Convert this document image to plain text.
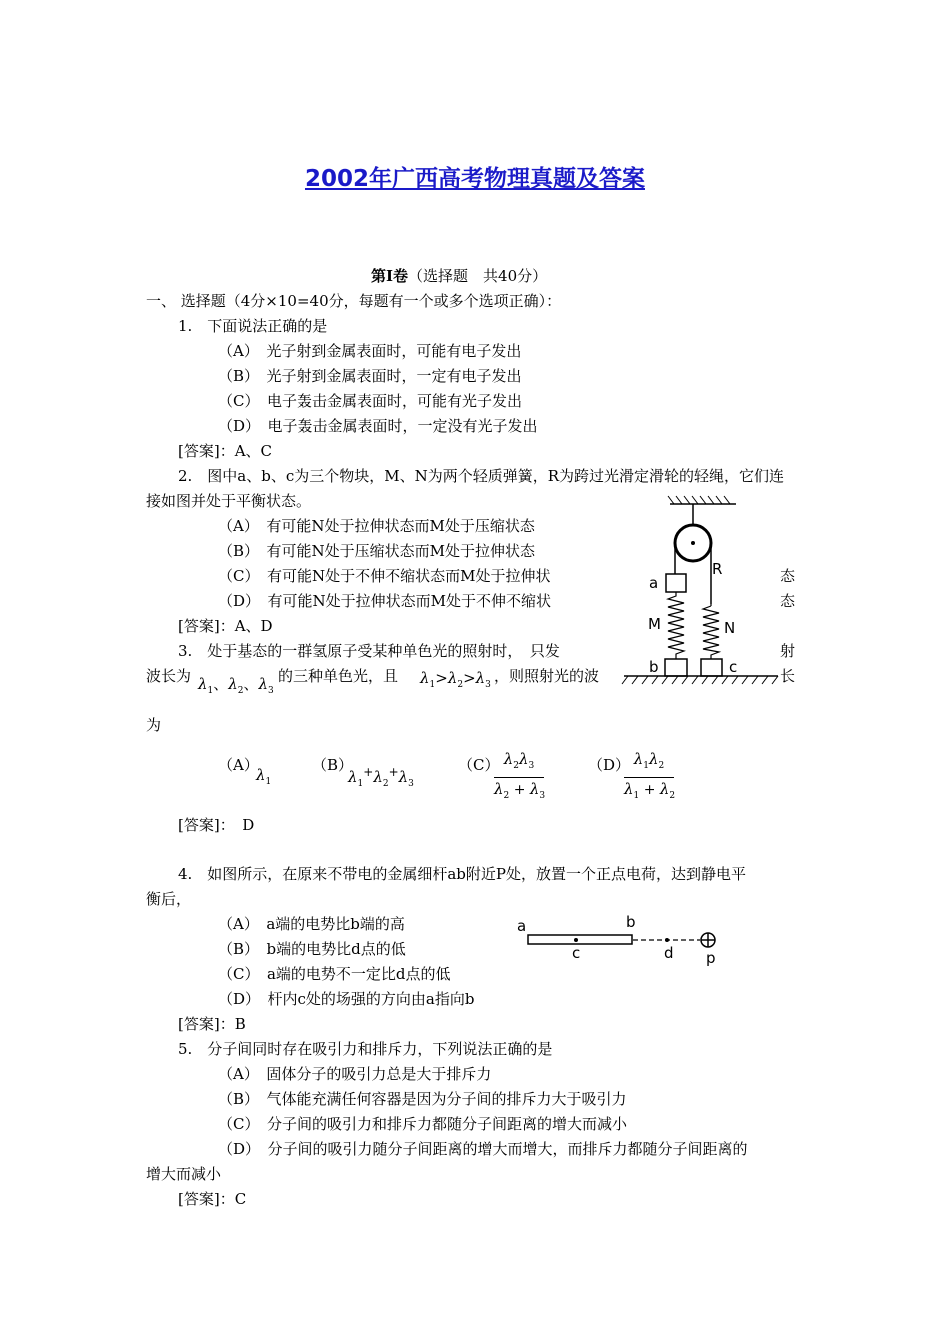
2002年广西高考物理真题及答案
第Ⅰ卷（选择题　共40分）
一、 选择题（4分×10=40分，每题有一个或多个选项正确）：
1.　下面说法正确的是
（A）　光子射到金属表面时，可能有电子发出
（B）　光子射到金属表面时，一定有电子发出
（C）　电子轰击金属表面时，可能有光子发出
（D）　电子轰击金属表面时，一定没有光子发出
[答案]：A、C
2.　图中a、b、c为三个物块，M、N为两个轻质弹簧，R为跨过光滑定滑轮的轻绳，它们连
接如图并处于平衡状态。
（A）　有可能N处于拉伸状态而M处于压缩状态
（B）　有可能N处于压缩状态而M处于拉伸状态
（C）　有可能N处于不伸不缩状态而M处于拉伸状	态
（D）　有可能N处于拉伸状态而M处于不伸不缩状	态
[答案]：A、D
a
R
M	N
b	c
3.　处于基态的一群氢原子受某种单色光的照射时，　只发	射
波长为 $\lambda_1$、$\lambda_2$、$\lambda_3$
的三种单色光，且 $\lambda_1>\lambda_2>\lambda_3$ ，则照射光的波	长
为
（A）
$\lambda_1$
（B）
$\lambda_1^+\lambda_2^+\lambda_3$
（C） $\lambda_2\lambda_3$
$\lambda_2 + \lambda_3$
（D） $\lambda_1\lambda_2$
$\lambda_1 + \lambda_2$
[答案]：　D
4.　如图所示，在原来不带电的金属细杆ab附近P处，放置一个正点电荷，达到静电平
衡后，
（A）　a端的电势比b端的高
（B）　b端的电势比d点的低
（C）　a端的电势不一定比d点的低
（D）　杆内c处的场强的方向由a指向b
[答案]：B
a	b
c	d p
5.　分子间同时存在吸引力和排斥力，下列说法正确的是
（A）　固体分子的吸引力总是大于排斥力
（B）　气体能充满任何容器是因为分子间的排斥力大于吸引力
（C）　分子间的吸引力和排斥力都随分子间距离的增大而减小
（D）　分子间的吸引力随分子间距离的增大而增大，而排斥力都随分子间距离的
增大而减小
[答案]：C
